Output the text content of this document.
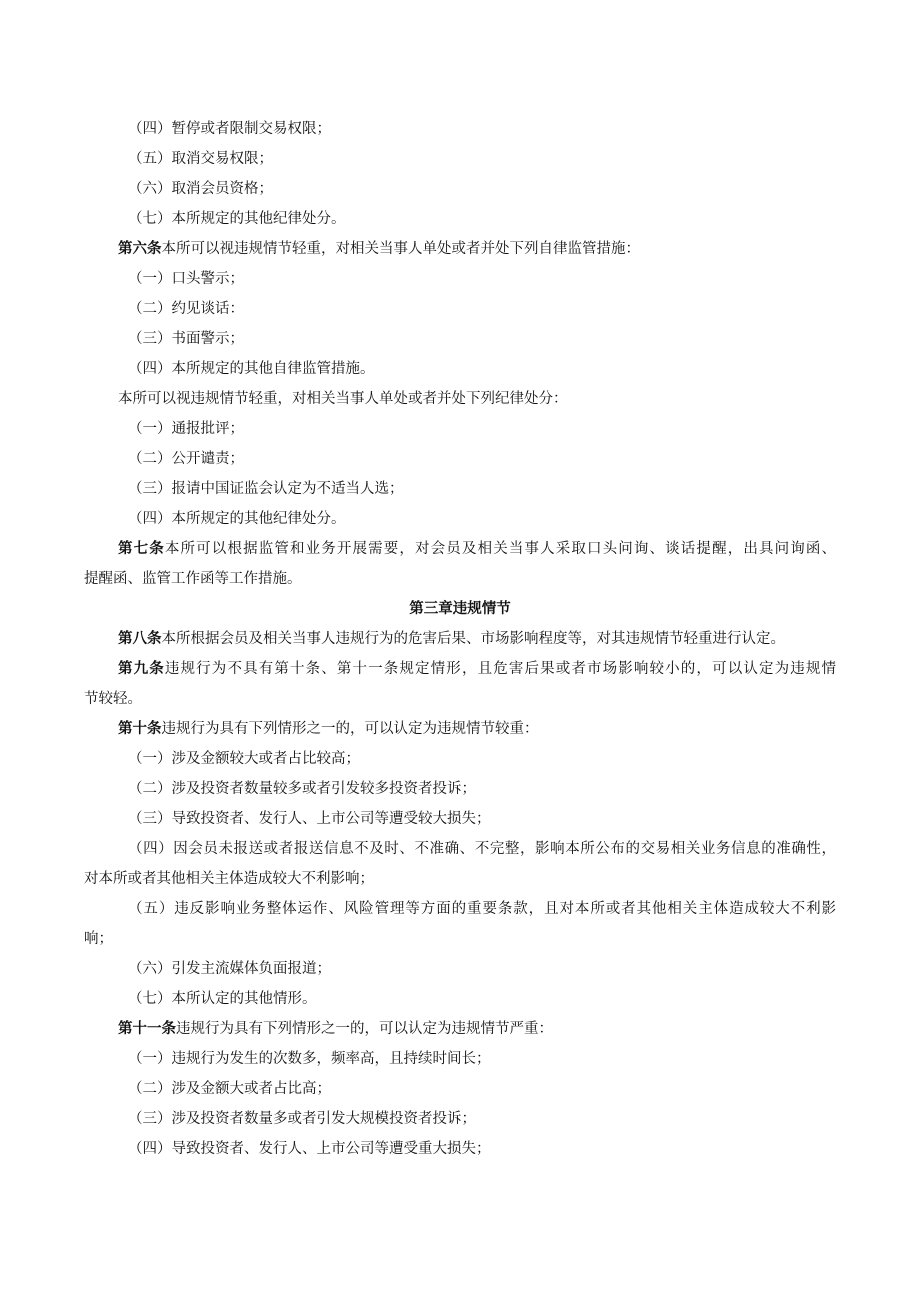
（四）暂停或者限制交易权限；

（五）取消交易权限；

（六）取消会员资格；

（七）本所规定的其他纪律处分。

第六条本所可以视违规情节轻重，对相关当事人单处或者并处下列自律监管措施：

（一）口头警示；

（二）约见谈话：

（三）书面警示；

（四）本所规定的其他自律监管措施。

本所可以视违规情节轻重，对相关当事人单处或者并处下列纪律处分：

（一）通报批评；

（二）公开谴责；

（三）报请中国证监会认定为不适当人选；

（四）本所规定的其他纪律处分。

第七条本所可以根据监管和业务开展需要，对会员及相关当事人采取口头问询、谈话提醒，出具问询函、

提醒函、监管工作函等工作措施。

第三章违规情节

第八条本所根据会员及相关当事人违规行为的危害后果、市场影响程度等，对其违规情节轻重进行认定。

第九条违规行为不具有第十条、第十一条规定情形，且危害后果或者市场影响较小的，可以认定为违规情

节较轻。

第十条违规行为具有下列情形之一的，可以认定为违规情节较重：

（一）涉及金额较大或者占比较高；

（二）涉及投资者数量较多或者引发较多投资者投诉；

（三）导致投资者、发行人、上市公司等遭受较大损失；

（四）因会员未报送或者报送信息不及时、不准确、不完整，影响本所公布的交易相关业务信息的准确性，

对本所或者其他相关主体造成较大不利影响；

（五）违反影响业务整体运作、风险管理等方面的重要条款，且对本所或者其他相关主体造成较大不利影

响；

（六）引发主流媒体负面报道；

（七）本所认定的其他情形。

第十一条违规行为具有下列情形之一的，可以认定为违规情节严重：

（一）违规行为发生的次数多，频率高，且持续时间长；

（二）涉及金额大或者占比高；

（三）涉及投资者数量多或者引发大规模投资者投诉；

（四）导致投资者、发行人、上市公司等遭受重大损失；
